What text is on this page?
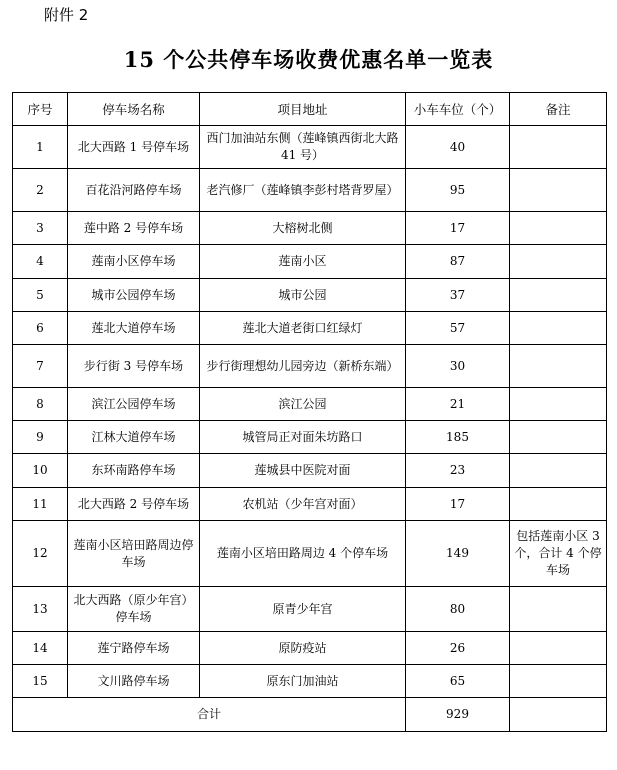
附件 2
15 个公共停车场收费优惠名单一览表
序号	停车场名称	项目地址	小车车位（个）	备注
1	北大西路 1 号停车场	西门加油站东侧（莲峰镇西街北大路 41 号）	40	
2	百花沿河路停车场	老汽修厂（莲峰镇李彭村塔背罗屋）	95	
3	莲中路 2 号停车场	大榕树北侧	17	
4	莲南小区停车场	莲南小区	87	
5	城市公园停车场	城市公园	37	
6	莲北大道停车场	莲北大道老街口红绿灯	57	
7	步行街 3 号停车场	步行街理想幼儿园旁边（新桥东端）	30	
8	滨江公园停车场	滨江公园	21	
9	江林大道停车场	城管局正对面朱坊路口	185	
10	东环南路停车场	莲城县中医院对面	23	
11	北大西路 2 号停车场	农机站（少年宫对面）	17	
12	莲南小区培田路周边停车场	莲南小区培田路周边 4 个停车场	149	包括莲南小区 3 个，合计 4 个停车场
13	北大西路（原少年宫）停车场	原青少年宫	80	
14	莲宁路停车场	原防疫站	26	
15	文川路停车场	原东门加油站	65	
合计			929	
